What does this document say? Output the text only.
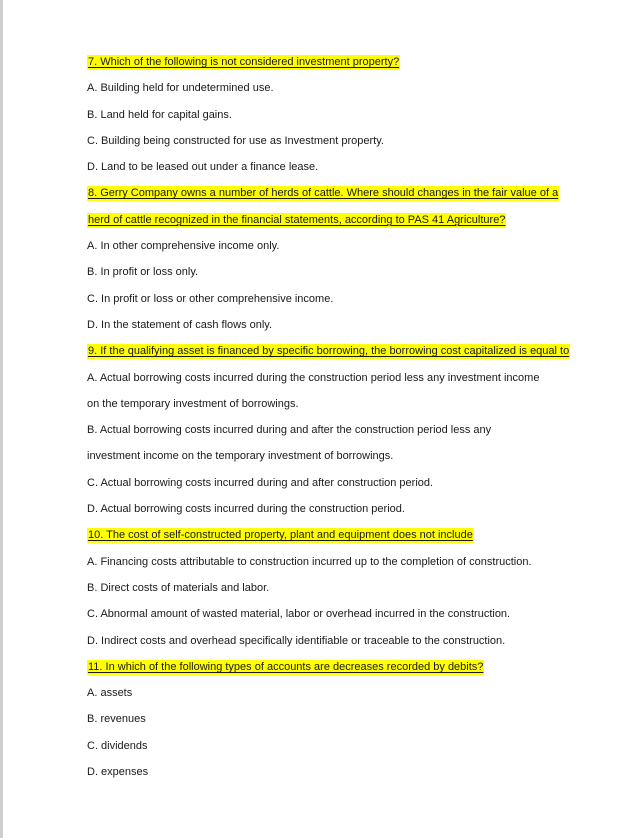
7. Which of the following is not considered investment property?
A. Building held for undetermined use.
B. Land held for capital gains.
C. Building being constructed for use as Investment property.
D. Land to be leased out under a finance lease.
8. Gerry Company owns a number of herds of cattle. Where should changes in the fair value of a
herd of cattle recognized in the financial statements, according to PAS 41 Agriculture?
A. In other comprehensive income only.
B. In profit or loss only.
C. In profit or loss or other comprehensive income.
D. In the statement of cash flows only.
9. If the qualifying asset is financed by specific borrowing, the borrowing cost capitalized is equal to
A. Actual borrowing costs incurred during the construction period less any investment income
on the temporary investment of borrowings.
B. Actual borrowing costs incurred during and after the construction period less any
investment income on the temporary investment of borrowings.
C. Actual borrowing costs incurred during and after construction period.
D. Actual borrowing costs incurred during the construction period.
10. The cost of self-constructed property, plant and equipment does not include
A. Financing costs attributable to construction incurred up to the completion of construction.
B. Direct costs of materials and labor.
C. Abnormal amount of wasted material, labor or overhead incurred in the construction.
D. Indirect costs and overhead specifically identifiable or traceable to the construction.
11. In which of the following types of accounts are decreases recorded by debits?
A. assets
B. revenues
C. dividends
D. expenses
